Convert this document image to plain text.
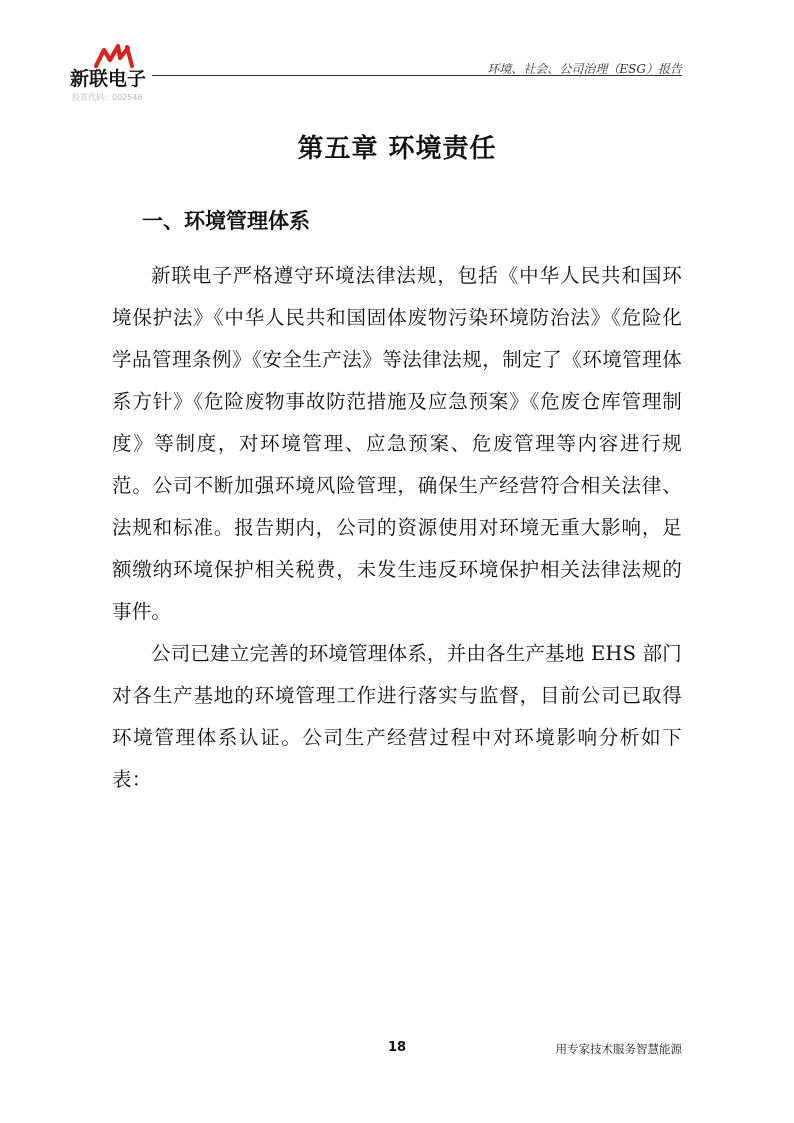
新联电子
股票代码：002546
环境、社会、公司治理（ESG）报告
第五章 环境责任
一、环境管理体系

新联电子严格遵守环境法律法规，包括《中华人民共和国环境保护法》《中华人民共和国固体废物污染环境防治法》《危险化学品管理条例》《安全生产法》等法律法规，制定了《环境管理体系方针》《危险废物事故防范措施及应急预案》《危废仓库管理制度》等制度，对环境管理、应急预案、危废管理等内容进行规范。公司不断加强环境风险管理，确保生产经营符合相关法律、法规和标准。报告期内，公司的资源使用对环境无重大影响，足额缴纳环境保护相关税费，未发生违反环境保护相关法律法规的事件。

公司已建立完善的环境管理体系，并由各生产基地 EHS 部门对各生产基地的环境管理工作进行落实与监督，目前公司已取得环境管理体系认证。公司生产经营过程中对环境影响分析如下表：

18	用专家技术服务智慧能源
